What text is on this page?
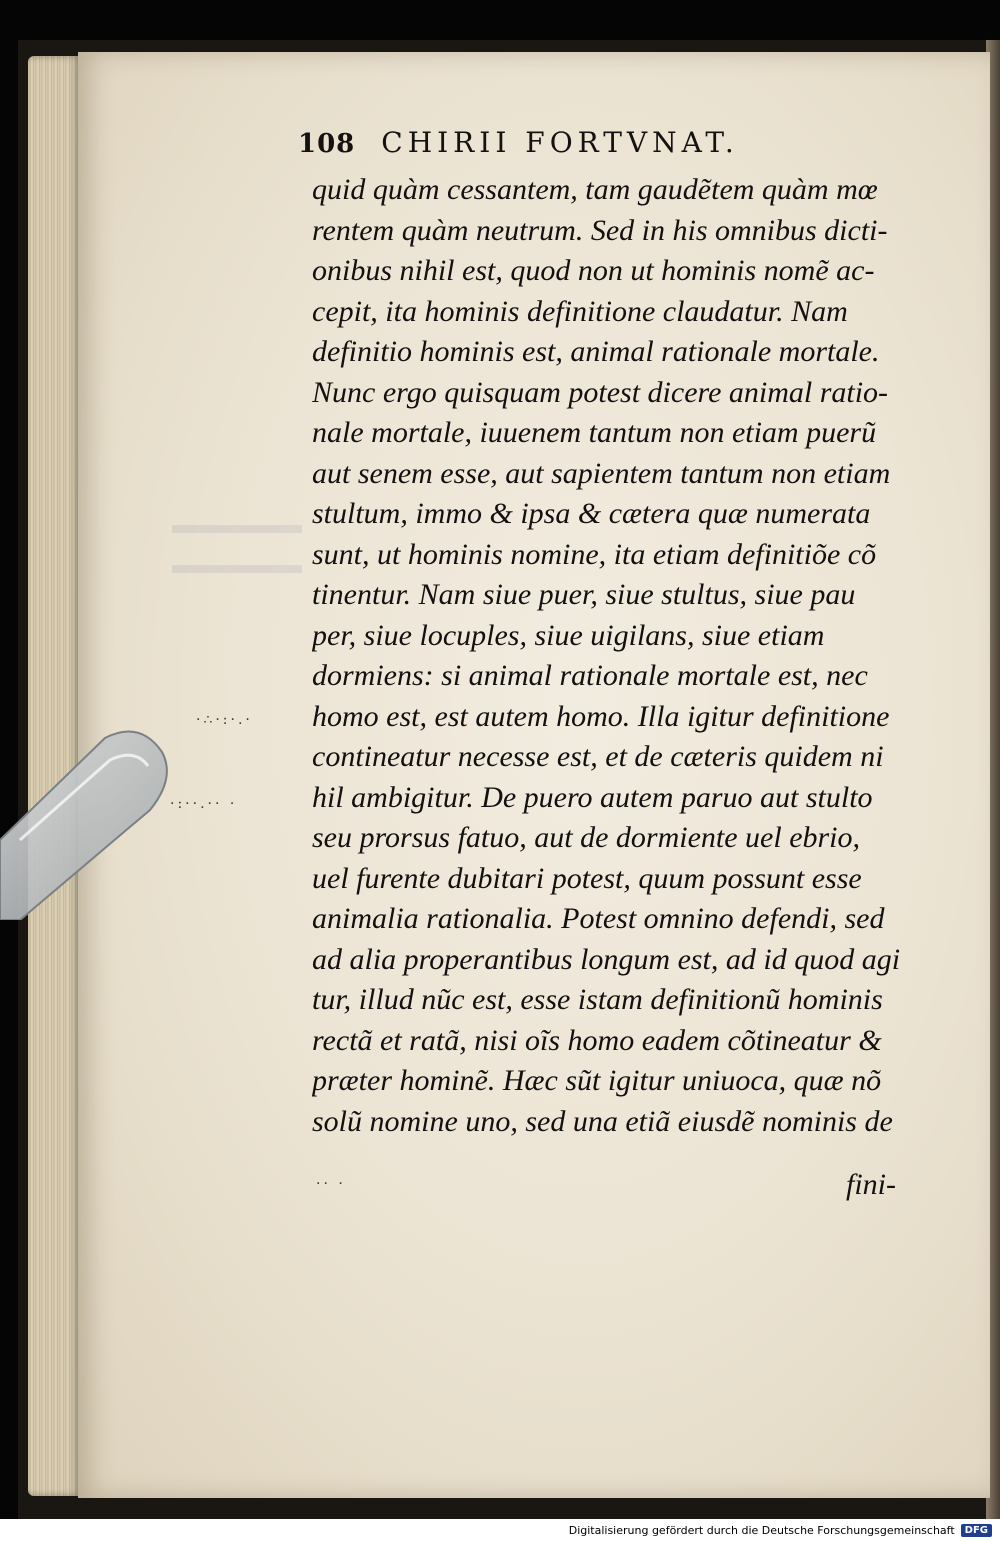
▬▬▬▬▬
▬▬▬▬▬
·∴·:·.·
·:··.·· ·
·· ·
108 CHIRII FORTVNAT.
quid quàm cessantem, tam gaudẽtem quàm mœ
rentem quàm neutrum. Sed in his omnibus dicti-
onibus nihil est, quod non ut hominis nomẽ ac-
cepit, ita hominis definitione claudatur. Nam
definitio hominis est, animal rationale mortale.
Nunc ergo quisquam potest dicere animal ratio-
nale mortale, iuuenem tantum non etiam puerũ
aut senem esse, aut sapientem tantum non etiam
stultum, immo & ipsa & cætera quæ numerata
sunt, ut hominis nomine, ita etiam definitiõe cõ
tinentur. Nam siue puer, siue stultus, siue pau
per, siue locuples, siue uigilans, siue etiam
dormiens: si animal rationale mortale est, nec
homo est, est autem homo. Illa igitur definitione
contineatur necesse est, et de cæteris quidem ni
hil ambigitur. De puero autem paruo aut stulto
seu prorsus fatuo, aut de dormiente uel ebrio,
uel furente dubitari potest, quum possunt esse
animalia rationalia. Potest omnino defendi, sed
ad alia properantibus longum est, ad id quod agi
tur, illud nũc est, esse istam definitionũ hominis
rectã et ratã, nisi oĩs homo eadem cõtineatur &
præter hominẽ. Hæc sũt igitur uniuoca, quæ nõ
solũ nomine uno, sed una etiã eiusdẽ nominis de
fini-
Digitalisierung gefördert durch die Deutsche Forschungsgemeinschaft	DFG
